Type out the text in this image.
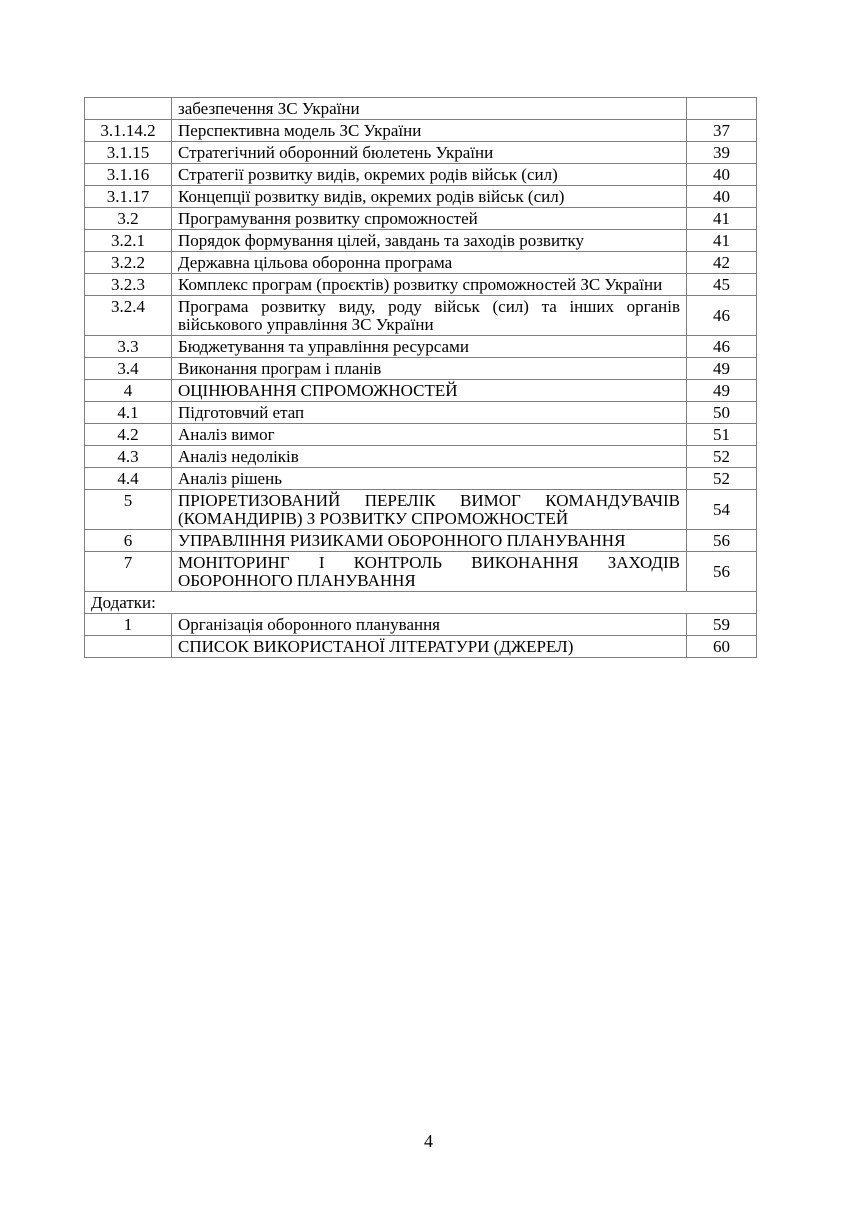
	забезпечення ЗС України	
3.1.14.2	Перспективна модель ЗС України	37
3.1.15	Стратегічний оборонний бюлетень України	39
3.1.16	Стратегії розвитку видів, окремих родів військ (сил)	40
3.1.17	Концепції розвитку видів, окремих родів військ (сил)	40
3.2	Програмування розвитку спроможностей	41
3.2.1	Порядок формування цілей, завдань та заходів розвитку	41
3.2.2	Державна цільова оборонна програма	42
3.2.3	Комплекс програм (проєктів) розвитку спроможностей ЗС України	45
3.2.4	Програма розвитку виду, роду військ (сил) та інших органів військового управління ЗС України	46
3.3	Бюджетування та управління ресурсами	46
3.4	Виконання програм і планів	49
4	ОЦІНЮВАННЯ СПРОМОЖНОСТЕЙ	49
4.1	Підготовчий етап	50
4.2	Аналіз вимог	51
4.3	Аналіз недоліків	52
4.4	Аналіз рішень	52
5	ПРІОРЕТИЗОВАНИЙ ПЕРЕЛІК ВИМОГ КОМАНДУВАЧІВ (КОМАНДИРІВ) З РОЗВИТКУ СПРОМОЖНОСТЕЙ	54
6	УПРАВЛІННЯ РИЗИКАМИ ОБОРОННОГО ПЛАНУВАННЯ	56
7	МОНІТОРИНГ І КОНТРОЛЬ ВИКОНАННЯ ЗАХОДІВ ОБОРОННОГО ПЛАНУВАННЯ	56
Додатки:		
1	Організація оборонного планування	59
	СПИСОК ВИКОРИСТАНОЇ ЛІТЕРАТУРИ (ДЖЕРЕЛ)	60
4
